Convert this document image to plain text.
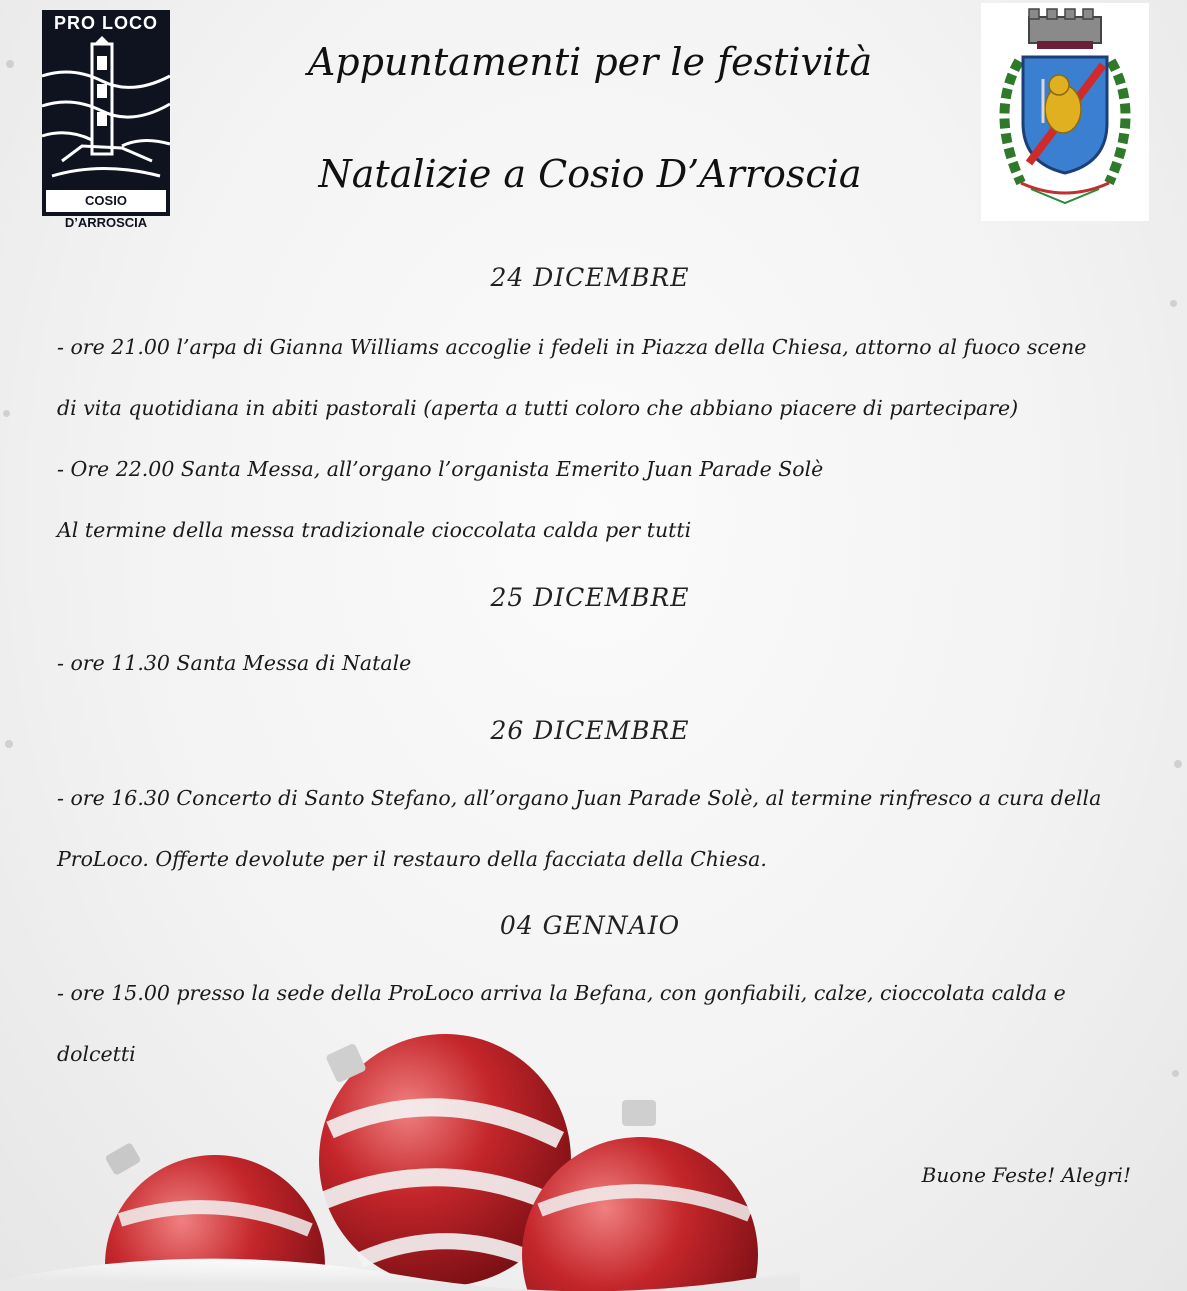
PRO LOCO
COSIO D’ARROSCIA
Appuntamenti per le festività
Natalizie a Cosio D’Arroscia
24 DICEMBRE
- ore 21.00 l’arpa di Gianna Williams accoglie i fedeli in Piazza della Chiesa, attorno al fuoco scene
di vita quotidiana in abiti pastorali (aperta a tutti coloro che abbiano piacere di partecipare)
- Ore 22.00 Santa Messa, all’organo l’organista Emerito Juan Parade Solè
Al termine della messa tradizionale cioccolata calda per tutti
25 DICEMBRE
- ore 11.30 Santa Messa di Natale
26 DICEMBRE
- ore 16.30 Concerto di Santo Stefano, all’organo Juan Parade Solè, al termine rinfresco a cura della
ProLoco. Offerte devolute per il restauro della facciata della Chiesa.
04 GENNAIO
- ore 15.00 presso la sede della ProLoco arriva la Befana, con gonfiabili, calze, cioccolata calda e
dolcetti
Buone Feste! Alegri!
